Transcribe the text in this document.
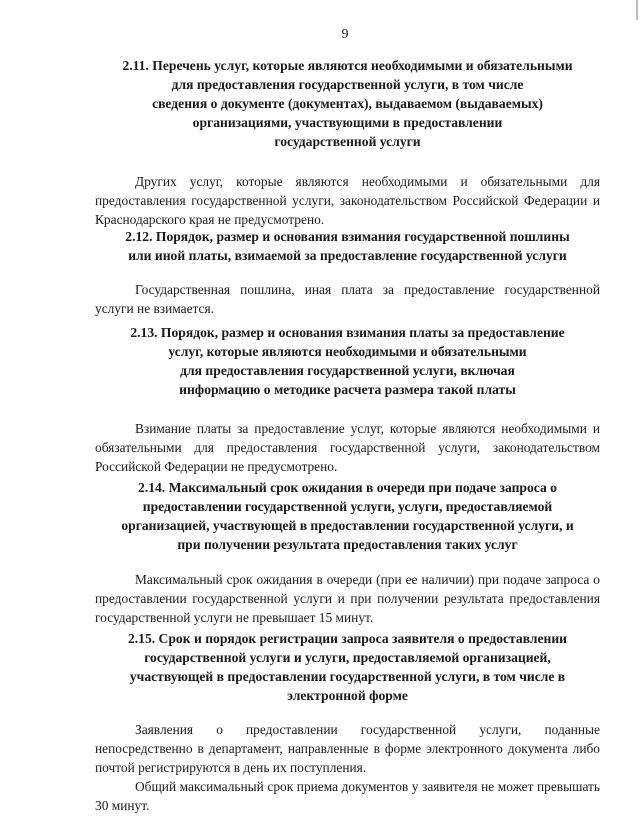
9
2.11. Перечень услуг, которые являются необходимыми и обязательными
для предоставления государственной услуги, в том числе
сведения о документе (документах), выдаваемом (выдаваемых)
организациями, участвующими в предоставлении
государственной услуги

Других услуг, которые являются необходимыми и обязательными для предоставления государственной услуги, законодательством Российской Федерации и Краснодарского края не предусмотрено.

2.12. Порядок, размер и основания взимания государственной пошлины
или иной платы, взимаемой за предоставление государственной услуги

Государственная пошлина, иная плата за предоставление государственной услуги не взимается.

2.13. Порядок, размер и основания взимания платы за предоставление
услуг, которые являются необходимыми и обязательными
для предоставления государственной услуги, включая
информацию о методике расчета размера такой платы

Взимание платы за предоставление услуг, которые являются необходимыми и обязательными для предоставления государственной услуги, законодательством Российской Федерации не предусмотрено.

2.14. Максимальный срок ожидания в очереди при подаче запроса о
предоставлении государственной услуги, услуги, предоставляемой
организацией, участвующей в предоставлении государственной услуги, и
при получении результата предоставления таких услуг

Максимальный срок ожидания в очереди (при ее наличии) при подаче запроса о предоставлении государственной услуги и при получении результата предоставления государственной услуги не превышает 15 минут.

2.15. Срок и порядок регистрации запроса заявителя о предоставлении
государственной услуги и услуги, предоставляемой организацией,
участвующей в предоставлении государственной услуги, в том числе в
электронной форме

Заявления о предоставлении государственной услуги, поданные непосредственно в департамент, направленные в форме электронного документа либо почтой регистрируются в день их поступления.

Общий максимальный срок приема документов у заявителя не может превышать 30 минут.
